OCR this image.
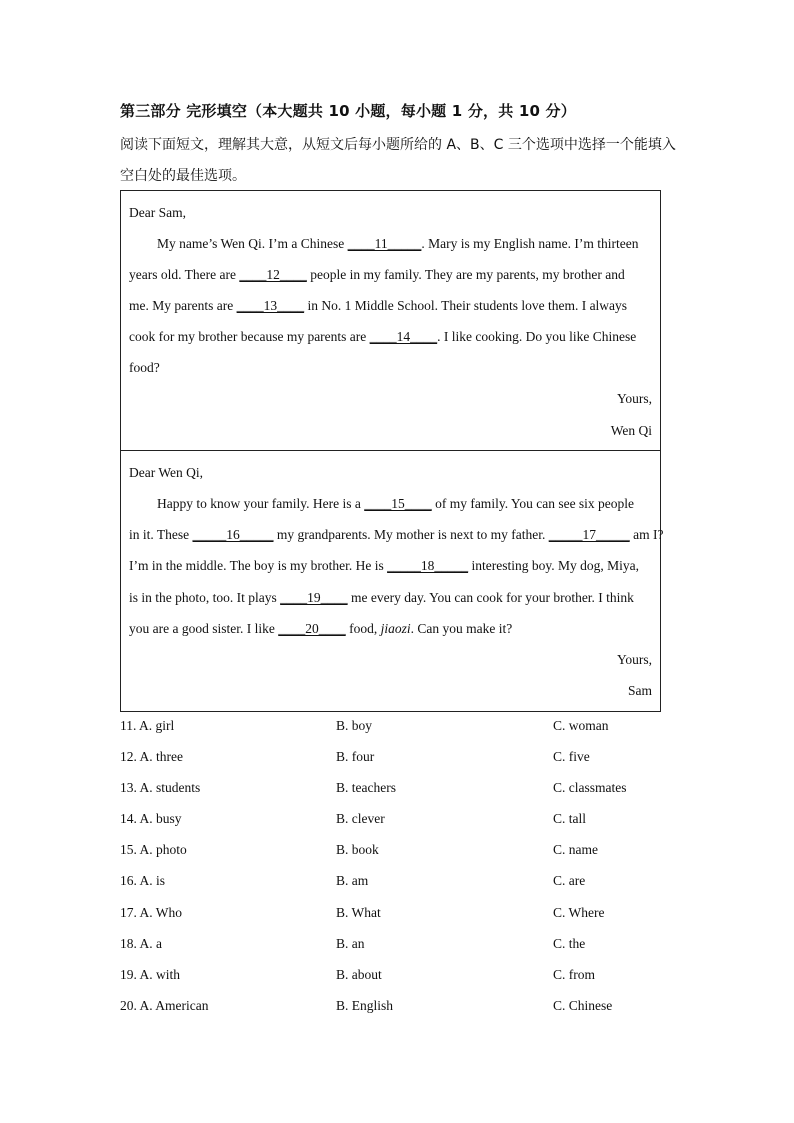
第三部分 完形填空（本大题共 10 小题，每小题 1 分，共 10 分）
阅读下面短文，理解其大意，从短文后每小题所给的 A、B、C 三个选项中选择一个能填入
空白处的最佳选项。
Dear Sam,
My name’s Wen Qi. I’m a Chinese ____11_____. Mary is my English name. I’m thirteen
years old. There are ____12____ people in my family. They are my parents, my brother and
me. My parents are ____13____ in No. 1 Middle School. Their students love them. I always
cook for my brother because my parents are ____14____. I like cooking. Do you like Chinese
food?
Yours,
Wen Qi
Dear Wen Qi,
Happy to know your family. Here is a ____15____ of my family. You can see six people
in it. These _____16_____ my grandparents. My mother is next to my father. _____17_____ am I?
I’m in the middle. The boy is my brother. He is _____18_____ interesting boy. My dog, Miya,
is in the photo, too. It plays ____19____ me every day. You can cook for your brother. I think
you are a good sister. I like ____20____ food, jiaozi. Can you make it?
Yours,
Sam
11. A. girl	B. boy	C. woman
12. A. three	B. four	C. five
13. A. students	B. teachers	C. classmates
14. A. busy	B. clever	C. tall
15. A. photo	B. book	C. name
16. A. is	B. am	C. are
17. A. Who	B. What	C. Where
18. A. a	B. an	C. the
19. A. with	B. about	C. from
20. A. American	B. English	C. Chinese
